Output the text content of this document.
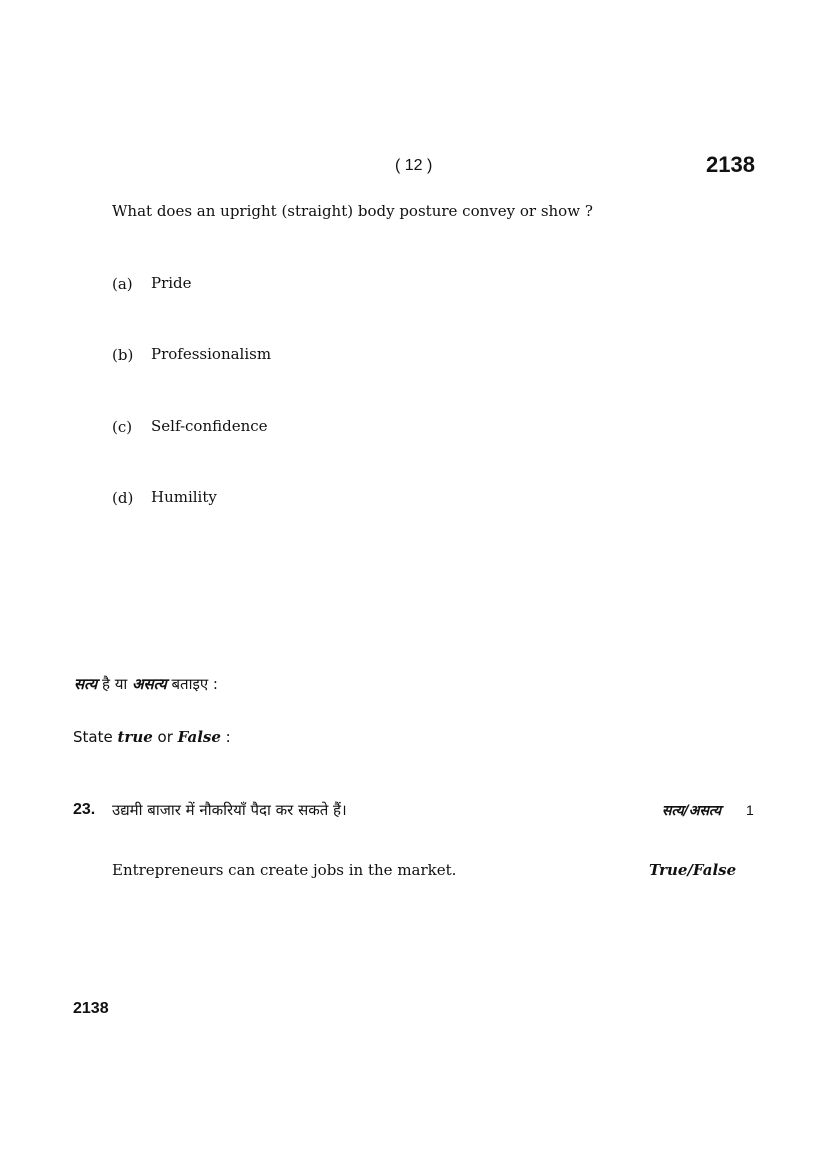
( 12 )	2138
What does an upright (straight) body posture convey or show ?
(a) Pride
(b) Professionalism
(c) Self-confidence
(d) Humility
सत्य है या असत्य बताइए :
State true or False :
23. उद्यमी बाजार में नौकरियाँ पैदा कर सकते हैं।	सत्य/असत्य 1
Entrepreneurs can create jobs in the market.	True/False
2138
